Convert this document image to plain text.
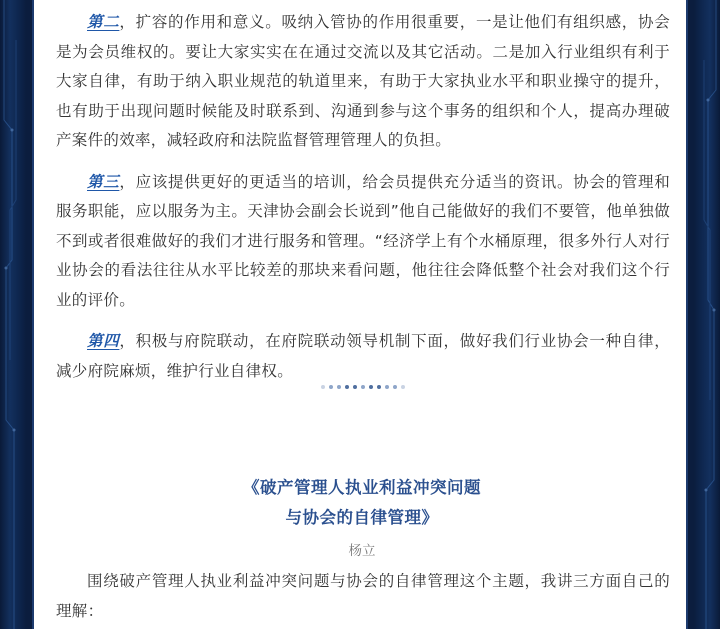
第二，扩容的作用和意义。吸纳入管协的作用很重要，一是让他们有组织感，协会是为会员维权的。要让大家实实在在通过交流以及其它活动。二是加入行业组织有利于大家自律，有助于纳入职业规范的轨道里来，有助于大家执业水平和职业操守的提升，也有助于出现问题时候能及时联系到、沟通到参与这个事务的组织和个人，提高办理破产案件的效率，减轻政府和法院监督管理管理人的负担。

第三，应该提供更好的更适当的培训，给会员提供充分适当的资讯。协会的管理和服务职能，应以服务为主。天津协会副会长说到”他自己能做好的我们不要管，他单独做不到或者很难做好的我们才进行服务和管理。“经济学上有个水桶原理，很多外行人对行业协会的看法往往从水平比较差的那块来看问题，他往往会降低整个社会对我们这个行业的评价。

第四，积极与府院联动，在府院联动领导机制下面，做好我们行业协会一种自律，减少府院麻烦，维护行业自律权。

《破产管理人执业利益冲突问题
与协会的自律管理》
杨立

围绕破产管理人执业利益冲突问题与协会的自律管理这个主题，我讲三方面自己的理解：
